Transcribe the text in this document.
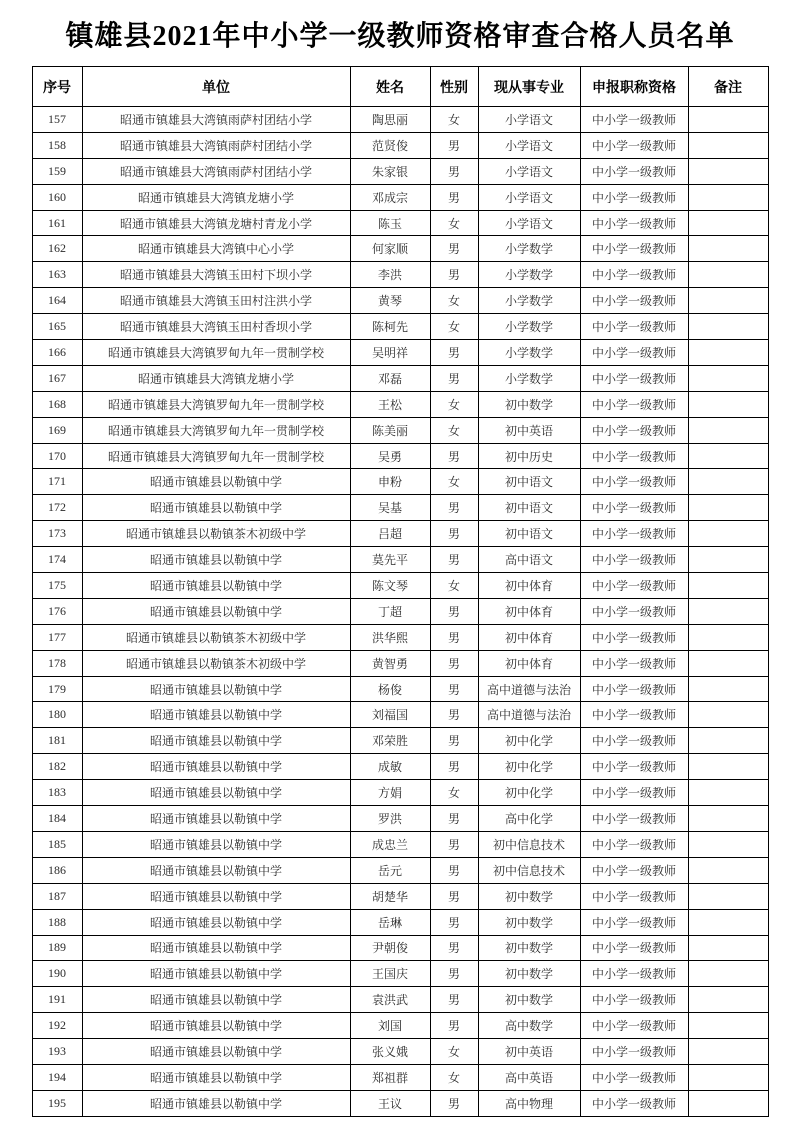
镇雄县2021年中小学一级教师资格审查合格人员名单
序号	单位	姓名	性别	现从事专业	申报职称资格	备注
157	昭通市镇雄县大湾镇雨萨村团结小学	陶思丽	女	小学语文	中小学一级教师	
158	昭通市镇雄县大湾镇雨萨村团结小学	范贤俊	男	小学语文	中小学一级教师	
159	昭通市镇雄县大湾镇雨萨村团结小学	朱家银	男	小学语文	中小学一级教师	
160	昭通市镇雄县大湾镇龙塘小学	邓成宗	男	小学语文	中小学一级教师	
161	昭通市镇雄县大湾镇龙塘村青龙小学	陈玉	女	小学语文	中小学一级教师	
162	昭通市镇雄县大湾镇中心小学	何家顺	男	小学数学	中小学一级教师	
163	昭通市镇雄县大湾镇玉田村下坝小学	李洪	男	小学数学	中小学一级教师	
164	昭通市镇雄县大湾镇玉田村注洪小学	黄琴	女	小学数学	中小学一级教师	
165	昭通市镇雄县大湾镇玉田村香坝小学	陈柯先	女	小学数学	中小学一级教师	
166	昭通市镇雄县大湾镇罗甸九年一贯制学校	吴明祥	男	小学数学	中小学一级教师	
167	昭通市镇雄县大湾镇龙塘小学	邓磊	男	小学数学	中小学一级教师	
168	昭通市镇雄县大湾镇罗甸九年一贯制学校	王松	女	初中数学	中小学一级教师	
169	昭通市镇雄县大湾镇罗甸九年一贯制学校	陈美丽	女	初中英语	中小学一级教师	
170	昭通市镇雄县大湾镇罗甸九年一贯制学校	吴勇	男	初中历史	中小学一级教师	
171	昭通市镇雄县以勒镇中学	申粉	女	初中语文	中小学一级教师	
172	昭通市镇雄县以勒镇中学	吴基	男	初中语文	中小学一级教师	
173	昭通市镇雄县以勒镇茶木初级中学	吕超	男	初中语文	中小学一级教师	
174	昭通市镇雄县以勒镇中学	莫先平	男	高中语文	中小学一级教师	
175	昭通市镇雄县以勒镇中学	陈文琴	女	初中体育	中小学一级教师	
176	昭通市镇雄县以勒镇中学	丁超	男	初中体育	中小学一级教师	
177	昭通市镇雄县以勒镇茶木初级中学	洪华熙	男	初中体育	中小学一级教师	
178	昭通市镇雄县以勒镇茶木初级中学	黄智勇	男	初中体育	中小学一级教师	
179	昭通市镇雄县以勒镇中学	杨俊	男	高中道德与法治	中小学一级教师	
180	昭通市镇雄县以勒镇中学	刘福国	男	高中道德与法治	中小学一级教师	
181	昭通市镇雄县以勒镇中学	邓荣胜	男	初中化学	中小学一级教师	
182	昭通市镇雄县以勒镇中学	成敏	男	初中化学	中小学一级教师	
183	昭通市镇雄县以勒镇中学	方娟	女	初中化学	中小学一级教师	
184	昭通市镇雄县以勒镇中学	罗洪	男	高中化学	中小学一级教师	
185	昭通市镇雄县以勒镇中学	成忠兰	男	初中信息技术	中小学一级教师	
186	昭通市镇雄县以勒镇中学	岳元	男	初中信息技术	中小学一级教师	
187	昭通市镇雄县以勒镇中学	胡楚华	男	初中数学	中小学一级教师	
188	昭通市镇雄县以勒镇中学	岳琳	男	初中数学	中小学一级教师	
189	昭通市镇雄县以勒镇中学	尹朝俊	男	初中数学	中小学一级教师	
190	昭通市镇雄县以勒镇中学	王国庆	男	初中数学	中小学一级教师	
191	昭通市镇雄县以勒镇中学	袁洪武	男	初中数学	中小学一级教师	
192	昭通市镇雄县以勒镇中学	刘国	男	高中数学	中小学一级教师	
193	昭通市镇雄县以勒镇中学	张义娥	女	初中英语	中小学一级教师	
194	昭通市镇雄县以勒镇中学	郑祖群	女	高中英语	中小学一级教师	
195	昭通市镇雄县以勒镇中学	王议	男	高中物理	中小学一级教师	
